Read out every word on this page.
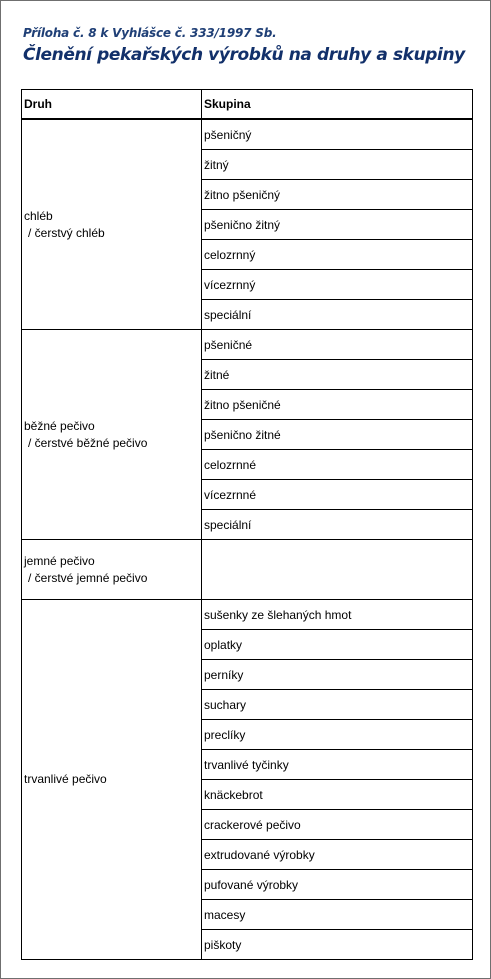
Příloha č. 8 k Vyhlášce č. 333/1997 Sb.
Členění pekařských výrobků na druhy a skupiny
Druh	Skupina
chléb
/ čerstvý chléb	pšeničný
	žitný
	žitno pšeničný
	pšenično žitný
	celozrnný
	vícezrnný
	speciální
běžné pečivo
/ čerstvé běžné pečivo	pšeničné
	žitné
	žitno pšeničné
	pšenično žitné
	celozrnné
	vícezrnné
	speciální
jemné pečivo
/ čerstvé jemné pečivo	

trvanlivé pečivo	sušenky ze šlehaných hmot
	oplatky
	perníky
	suchary
	preclíky
	trvanlivé tyčinky
	knäckebrot
	crackerové pečivo
	extrudované výrobky
	pufované výrobky
	macesy
	piškoty
